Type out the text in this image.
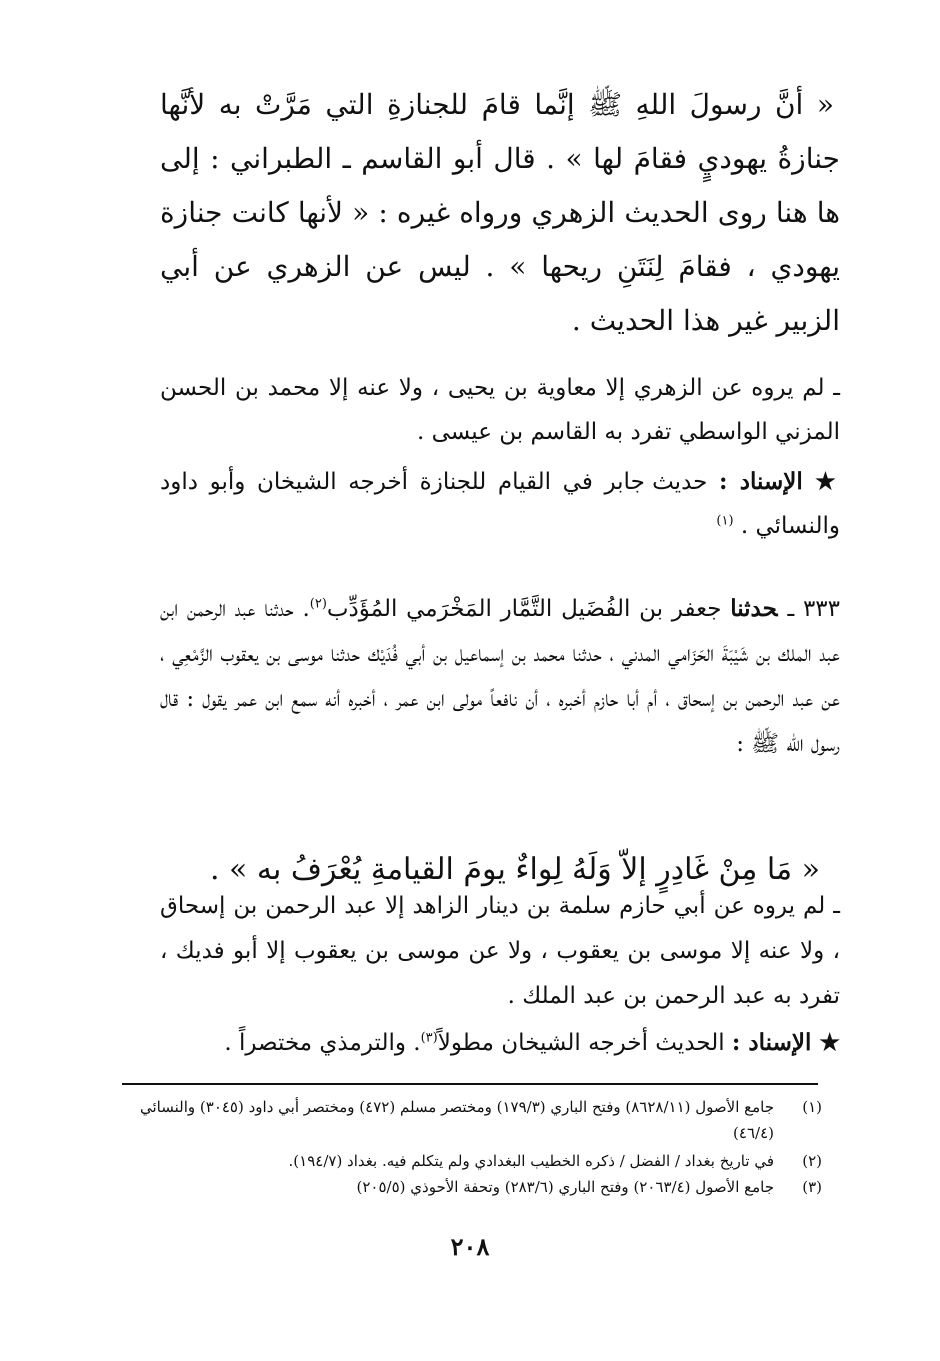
« أنَّ رسولَ اللهِ ﷺ إنَّما قامَ للجنازةِ التي مَرَّتْ به لأنَّها جنازةُ يهوديٍ فقامَ لها » . قال أبو القاسم ـ الطبراني : إلى ها هنا روى الحديث الزهري ورواه غيره : « لأنها كانت جنازة يهودي ، فقامَ لِنَتَنِ ريحها » . ليس عن الزهري عن أبي الزبير غير هذا الحديث .

ـ لم يروه عن الزهري إلا معاوية بن يحيى ، ولا عنه إلا محمد بن الحسن المزني الواسطي تفرد به القاسم بن عيسى .

★ الإسناد : حديث جابر في القيام للجنازة أخرجه الشيخان وأبو داود والنسائي . $^{(١)}$

٣٣٣ ـحدثنا جعفر بن الفُضَيل التَّمَّار المَخْرَمي المُؤَدِّب$^{(٢)}$. حدثنا عبد الرحمن ابن عبد الملك بن شَيْبَةَ الحَزَامي المدني ، حدثنا محمد بن إسماعيل بن أبي فُدَيْك حدثنا موسى بن يعقوب الزَّمْعِي ، عن عبد الرحمن بن إسحاق ، أم أبا حازم أخبره ، أن نافعاً مولى ابن عمر ، أخبره أنه سمع ابن عمر يقول : قال رسول الله ﷺ :

« مَا مِنْ غَادِرٍ إلاّ وَلَهُ لِواءٌ يومَ القيامةِ يُعْرَفُ به » .

ـ لم يروه عن أبي حازم سلمة بن دينار الزاهد إلا عبد الرحمن بن إسحاق ، ولا عنه إلا موسى بن يعقوب ، ولا عن موسى بن يعقوب إلا أبو فديك ، تفرد به عبد الرحمن بن عبد الملك .

★ الإسناد : الحديث أخرجه الشيخان مطولاً$^{(٣)}$. والترمذي مختصراً .

(١)
جامع الأصول (٨٦٢٨/١١) وفتح الباري (١٧٩/٣) ومختصر مسلم (٤٧٢) ومختصر أبي داود (٣٠٤٥) والنسائي (٤٦/٤)
(٢)
في تاريخ بغداد / الفضل / ذكره الخطيب البغدادي ولم يتكلم فيه. بغداد (١٩٤/٧).
(٣)
جامع الأصول (٢٠٦٣/٤) وفتح الباري (٢٨٣/٦) وتحفة الأحوذي (٢٠٥/٥)
٢٠٨
